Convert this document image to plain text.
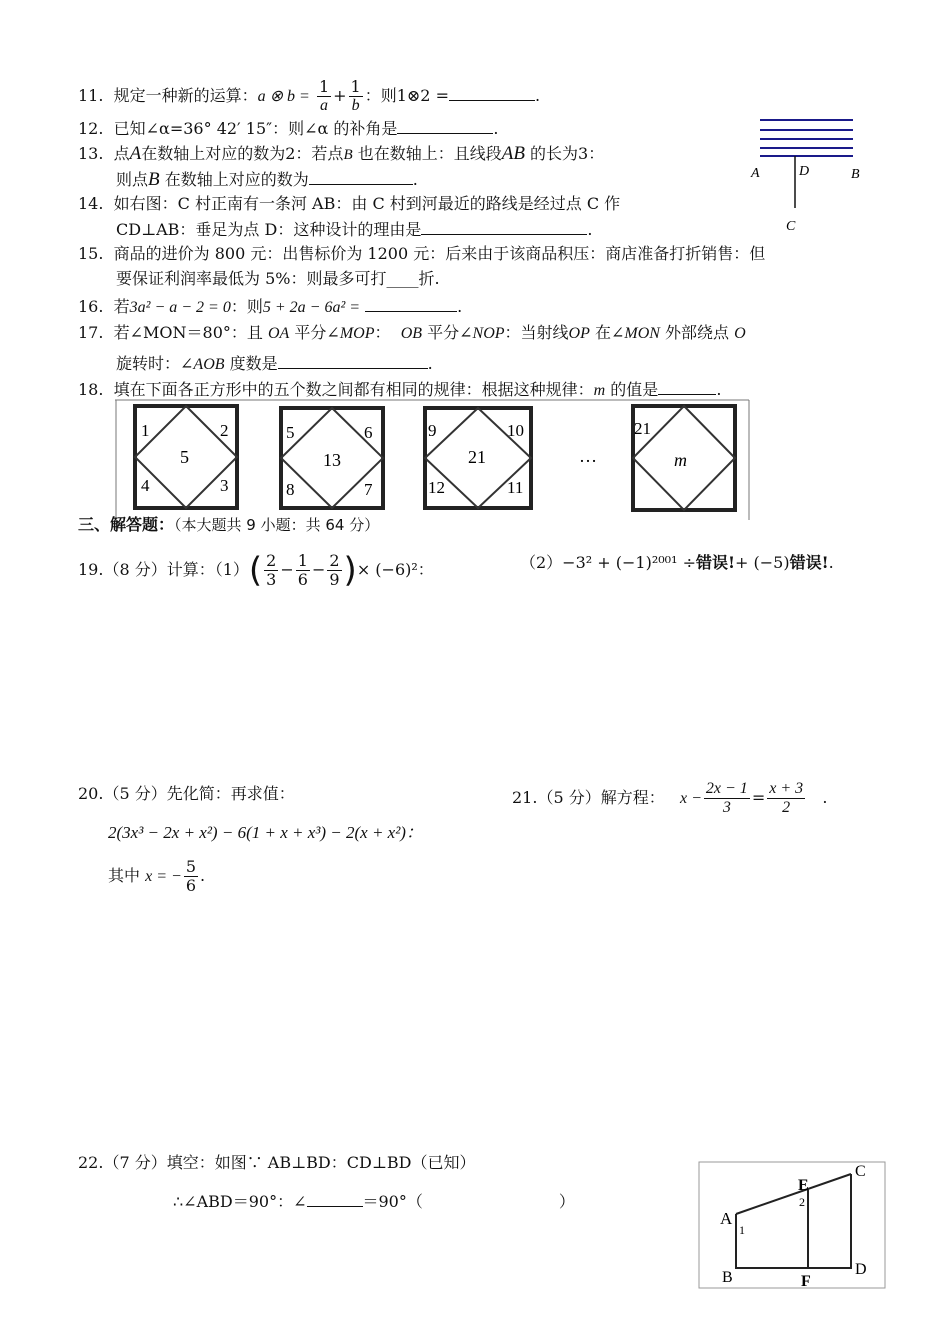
11. 规定一种新的运算：a ⊗ $b = \frac{1}{a} + \frac{1}{b}$ ：则1⊗2 =	.
12. 已知∠α=36° 42′ 15″：则∠α 的补角是	.
13. 点A在数轴上对应的数为2：若点B 也在数轴上：且线段AB 的长为3：
则点B 在数轴上对应的数为	.
14. 如右图：C 村正南有一条河 AB：由 C 村到河最近的路线是经过点 C 作
CD⊥AB：垂足为点 D：这种设计的理由是	.
A	D	B
C
15. 商品的进价为 800 元：出售标价为 1200 元：后来由于该商品积压：商店准备打折销售：但
要保证利润率最低为 5%：则最多可打____折.
16. 若3a² − a − 2 = 0：则5 + 2a − 6a² =	.
17. 若∠MON＝80°：且 OA 平分∠MOP： OB 平分∠NOP：当射线OP 在∠MON 外部绕点 O
旋转时：∠AOB 度数是	.
18. 填在下面各正方形中的五个数之间都有相同的规律：根据这种规律：m 的值是	.
1	2
5
4	3
5	6
13
8	7
9	10
21
12	11
…
21
m
三、解答题：（本大题共 9 小题：共 64 分）
19.（8 分）计算：$(1)( \frac{2}{3} - \frac{1}{6} - \frac{2}{9}$ )× (−6)²：	（2）−3² + (−1)²⁰⁰¹ ÷错误!+ (−5)错误!.
20.（5 分）先化简：再求值：
2(3x³ − 2x + x²) − 6(1 + x + x³) − 2(x + x²)：
其中 x = − $\frac{5}{6}$ .
21.（5 分）解方程： $x - \frac{2x - 1}{3} = \frac{x + 3}{2}$ .
22.（7 分）填空：如图∵ AB⊥BD：CD⊥BD（已知）
∴∠ABD＝90°：∠	＝90°（	）
A
1
E
2
C
B	F
D
